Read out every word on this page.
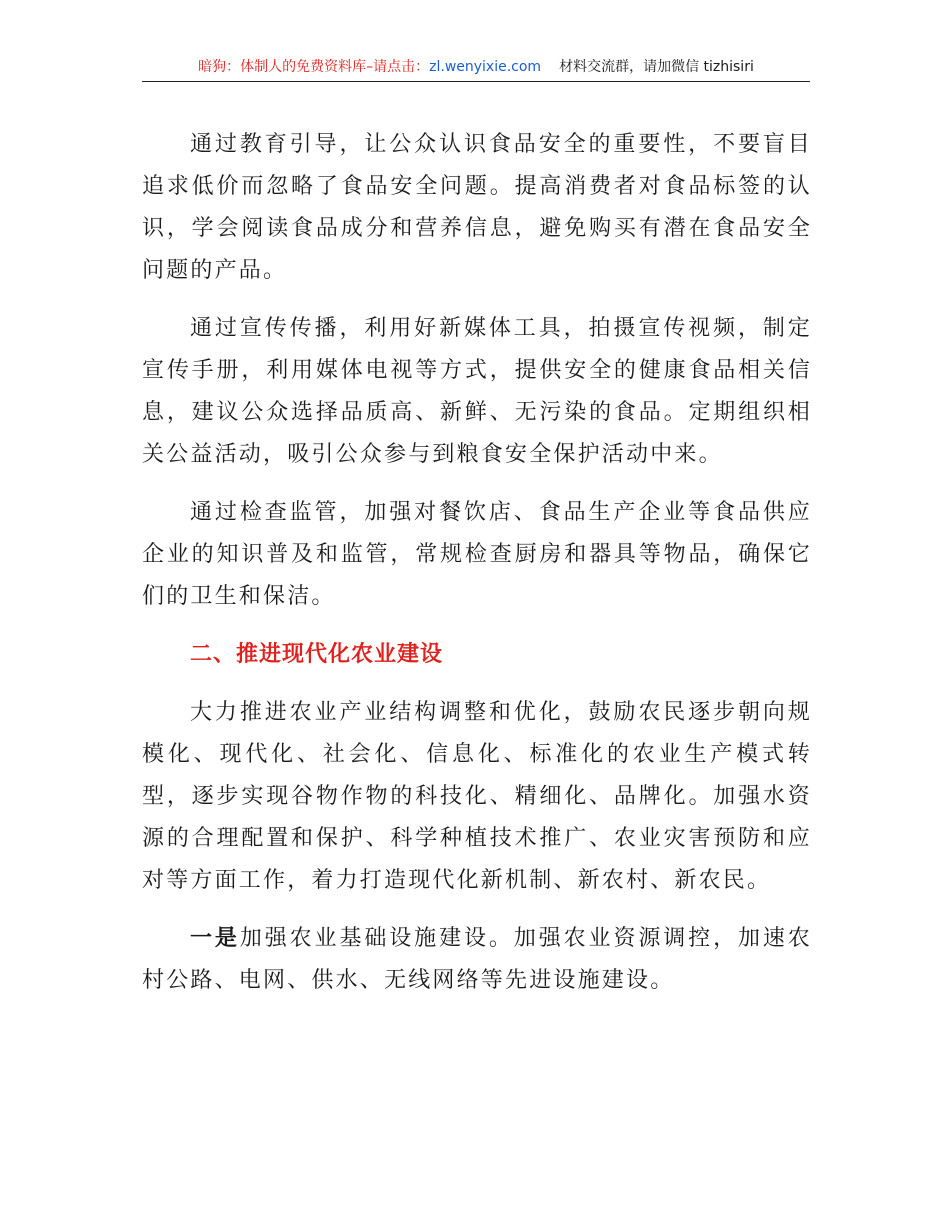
暗狗：体制人的免费资料库–请点击：zl.wenyixie.com 材料交流群，请加微信 tizhisiri

通过教育引导，让公众认识食品安全的重要性，不要盲目追求低价而忽略了食品安全问题。提高消费者对食品标签的认识，学会阅读食品成分和营养信息，避免购买有潜在食品安全问题的产品。

通过宣传传播，利用好新媒体工具，拍摄宣传视频，制定宣传手册，利用媒体电视等方式，提供安全的健康食品相关信息，建议公众选择品质高、新鲜、无污染的食品。定期组织相关公益活动，吸引公众参与到粮食安全保护活动中来。

通过检查监管，加强对餐饮店、食品生产企业等食品供应企业的知识普及和监管，常规检查厨房和器具等物品，确保它们的卫生和保洁。

二、推进现代化农业建设

大力推进农业产业结构调整和优化，鼓励农民逐步朝向规模化、现代化、社会化、信息化、标准化的农业生产模式转型，逐步实现谷物作物的科技化、精细化、品牌化。加强水资源的合理配置和保护、科学种植技术推广、农业灾害预防和应对等方面工作，着力打造现代化新机制、新农村、新农民。

一是加强农业基础设施建设。加强农业资源调控，加速农村公路、电网、供水、无线网络等先进设施建设。
